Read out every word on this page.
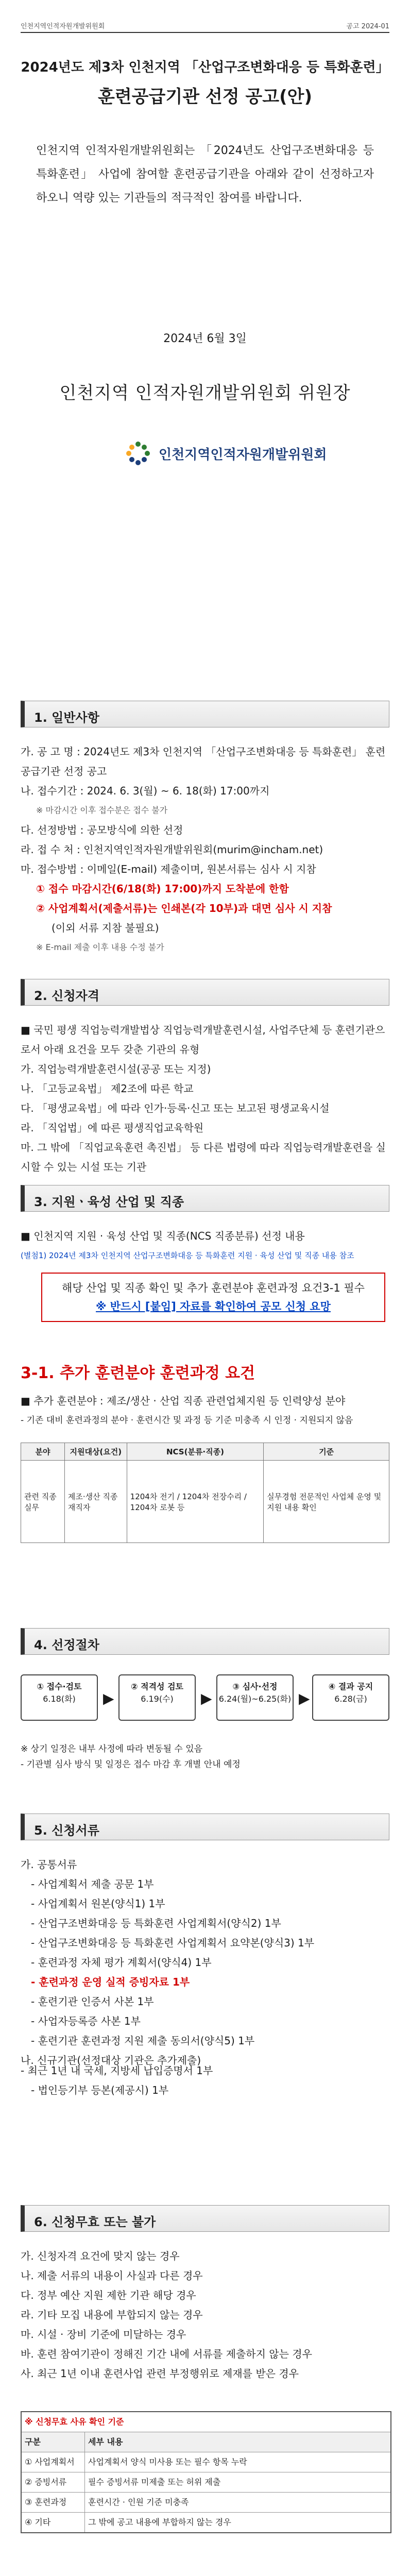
인천지역인적자원개발위원회	공고 2024-01
2024년도 제3차 인천지역 「산업구조변화대응 등 특화훈련」
훈련공급기관 선정 공고(안)
인천지역 인적자원개발위원회는 「2024년도 산업구조변화대응 등 특화훈련」 사업에 참여할 훈련공급기관을 아래와 같이 선정하고자 하오니 역량 있는 기관들의 적극적인 참여를 바랍니다.
2024년 6월 3일
인천지역 인적자원개발위원회 위원장
인천지역인적자원개발위원회
1. 일반사항

가. 공 고 명 : 2024년도 제3차 인천지역 「산업구조변화대응 등 특화훈련」 훈련공급기관 선정 공고

나. 접수기간 : 2024. 6. 3(월) ~ 6. 18(화) 17:00까지

※ 마감시간 이후 접수분은 접수 불가

다. 선정방법 : 공모방식에 의한 선정

라. 접 수 처 : 인천지역인적자원개발위원회(murim@incham.net)

마. 접수방법 : 이메일(E-mail) 제출이며, 원본서류는 심사 시 지참

① 접수 마감시간(6/18(화) 17:00)까지 도착분에 한함

② 사업계획서(제출서류)는 인쇄본(각 10부)과 대면 심사 시 지참

(이외 서류 지참 불필요)

※ E-mail 제출 이후 내용 수정 불가

2. 신청자격

■ 국민 평생 직업능력개발법상 직업능력개발훈련시설, 사업주단체 등 훈련기관으로서 아래 요건을 모두 갖춘 기관의 유형

가. 직업능력개발훈련시설(공공 또는 지정)

나. 「고등교육법」 제2조에 따른 학교

다. 「평생교육법」에 따라 인가·등록·신고 또는 보고된 평생교육시설

라. 「직업법」에 따른 평생직업교육학원

마. 그 밖에 「직업교육훈련 촉진법」 등 다른 법령에 따라 직업능력개발훈련을 실시할 수 있는 시설 또는 기관

3. 지원ㆍ육성 산업 및 직종

■ 인천지역 지원 · 육성 산업 및 직종(NCS 직종분류) 선정 내용

(별첨1) 2024년 제3차 인천지역 산업구조변화대응 등 특화훈련 지원 · 육성 산업 및 직종 내용 참조

해당 산업 및 직종 확인 및 추가 훈련분야 훈련과정 요건3-1 필수
※ 반드시 [붙임] 자료를 확인하여 공모 신청 요망
3-1. 추가 훈련분야 훈련과정 요건

■ 추가 훈련분야 : 제조/생산 · 산업 직종 관련업체지원 등 인력양성 분야

- 기존 대비 훈련과정의 분야 · 훈련시간 및 과정 등 기준 미충족 시 인정 · 지원되지 않음

분야	지원대상(요건)	NCS(분류·직종)	기준
관련 직종 실무	제조·생산 직종 재직자	1204차 전기 / 1204차 전장수리 / 1204차 로봇 등	실무경험 전문적인 사업체 운영 및 지원 내용 확인
4. 선정절차
① 접수·검토
6.18(화)	▶
② 적격성 검토
6.19(수)	▶
③ 심사·선정
6.24(월)~6.25(화) ▶
④ 결과 공지
6.28(금)

※ 상기 일정은 내부 사정에 따라 변동될 수 있음

- 기관별 심사 방식 및 일정은 접수 마감 후 개별 안내 예정

5. 신청서류

가. 공통서류

- 사업계획서 제출 공문 1부

- 사업계획서 원본(양식1) 1부

- 산업구조변화대응 등 특화훈련 사업계획서(양식2) 1부

- 산업구조변화대응 등 특화훈련 사업계획서 요약본(양식3) 1부

- 훈련과정 자체 평가 계획서(양식4) 1부

- 훈련과정 운영 실적 증빙자료 1부

- 훈련기관 인증서 사본 1부

- 사업자등록증 사본 1부

- 훈련기관 훈련과정 지원 제출 동의서(양식5) 1부

나. 신규기관(선정대상 기관은 추가제출)

- 최근 1년 내 국세, 지방세 납입증명서 1부

- 법인등기부 등본(제공시) 1부

6. 신청무효 또는 불가

가. 신청자격 요건에 맞지 않는 경우

나. 제출 서류의 내용이 사실과 다른 경우

다. 정부 예산 지원 제한 기관 해당 경우

라. 기타 모집 내용에 부합되지 않는 경우

마. 시설 · 장비 기준에 미달하는 경우

바. 훈련 참여기관이 정해진 기간 내에 서류를 제출하지 않는 경우

사. 최근 1년 이내 훈련사업 관련 부정행위로 제재를 받은 경우

※ 신청무효 사유 확인 기준
구분	세부 내용
① 사업계획서	사업계획서 양식 미사용 또는 필수 항목 누락
② 증빙서류	필수 증빙서류 미제출 또는 허위 제출
③ 훈련과정	훈련시간 · 인원 기준 미충족
④ 기타	그 밖에 공고 내용에 부합하지 않는 경우
